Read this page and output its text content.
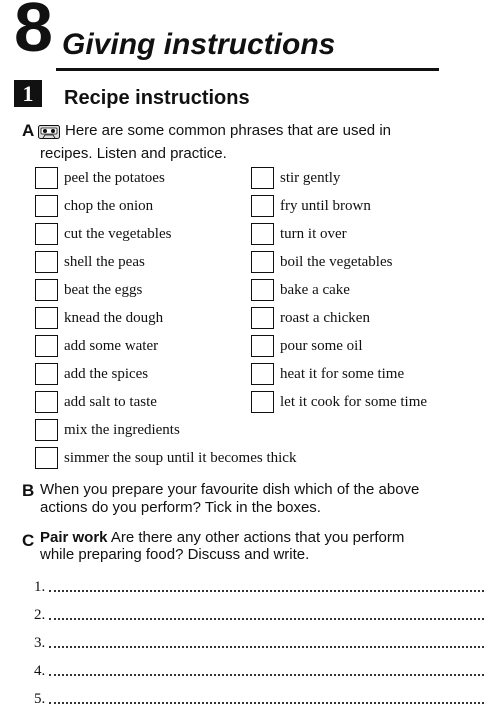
8 Giving instructions
1	Recipe instructions
A Here are some common phrases that are used in
recipes. Listen and practice.
peel the potatoes
chop the onion
cut the vegetables
shell the peas
beat the eggs
knead the dough
add some water
add the spices
add salt to taste
mix the ingredients
simmer the soup until it becomes thick
stir gently
fry until brown
turn it over
boil the vegetables
bake a cake
roast a chicken
pour some oil
heat it for some time
let it cook for some time
B When you prepare your favourite dish which of the above
actions do you perform? Tick in the boxes.
C Pair work Are there any other actions that you perform
while preparing food? Discuss and write.
1.
2.
3.
4.
5.
